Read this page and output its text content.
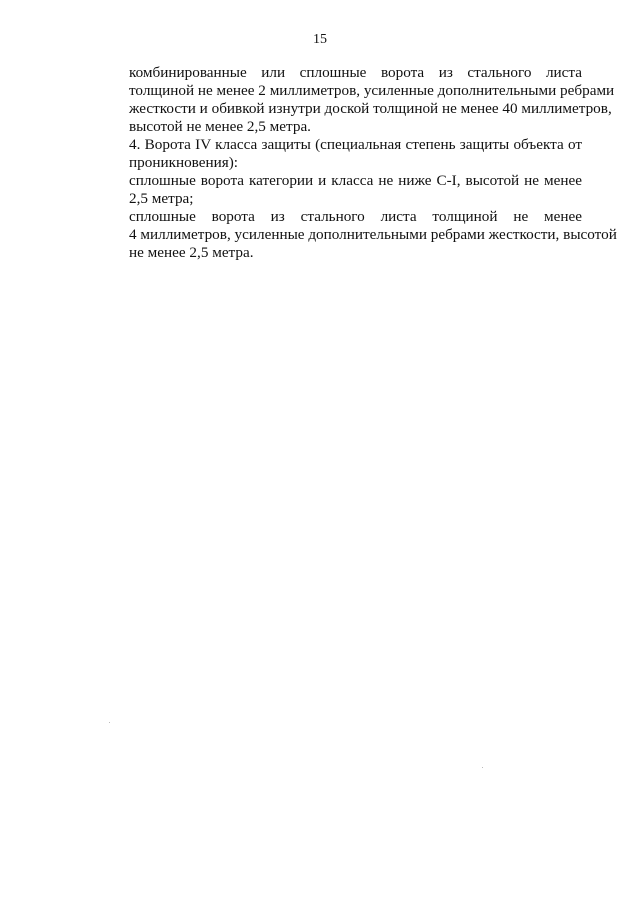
15

комбинированные или сплошные ворота из стального листа
толщиной не менее 2 миллиметров, усиленные дополнительными ребрами
жесткости и обивкой изнутри доской толщиной не менее 40 миллиметров,
высотой не менее 2,5 метра.

4. Ворота IV класса защиты (специальная степень защиты объекта от
проникновения):

сплошные ворота категории и класса не ниже С-I, высотой не менее
2,5 метра;

сплошные ворота из стального листа толщиной не менее
4 миллиметров, усиленные дополнительными ребрами жесткости, высотой
не менее 2,5 метра.
